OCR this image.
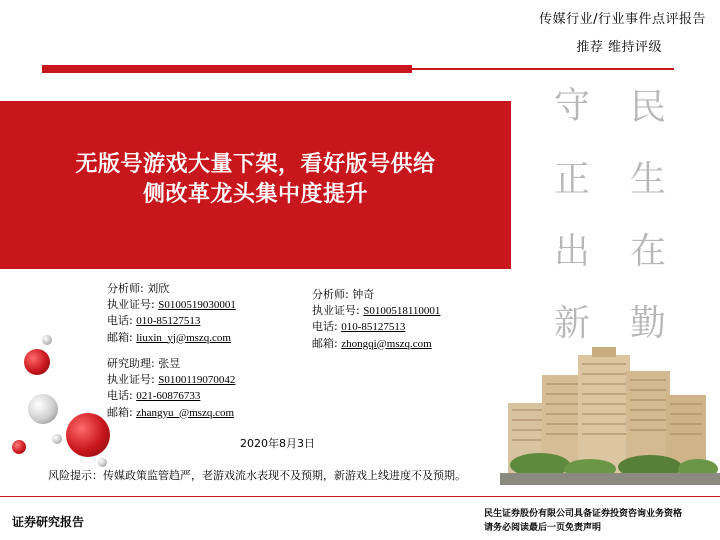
传媒行业/行业事件点评报告
推荐 维持评级
无版号游戏大量下架，看好版号供给
侧改革龙头集中度提升
民
生
在
勤
守
正
出
新
分析师: 刘欣
执业证号: S0100519030001
电话: 010-85127513
邮箱: liuxin_yj@mszq.com
分析师: 钟奇
执业证号: S0100518110001
电话: 010-85127513
邮箱: zhongqi@mszq.com
研究助理: 张昱
执业证号: S0100119070042
电话: 021-60876733
邮箱: zhangyu_@mszq.com
2020年8月3日
风险提示：传媒政策监管趋严，老游戏流水表现不及预期，新游戏上线进度不及预期。
证券研究报告
民生证券股份有限公司具备证券投资咨询业务资格
请务必阅读最后一页免责声明
